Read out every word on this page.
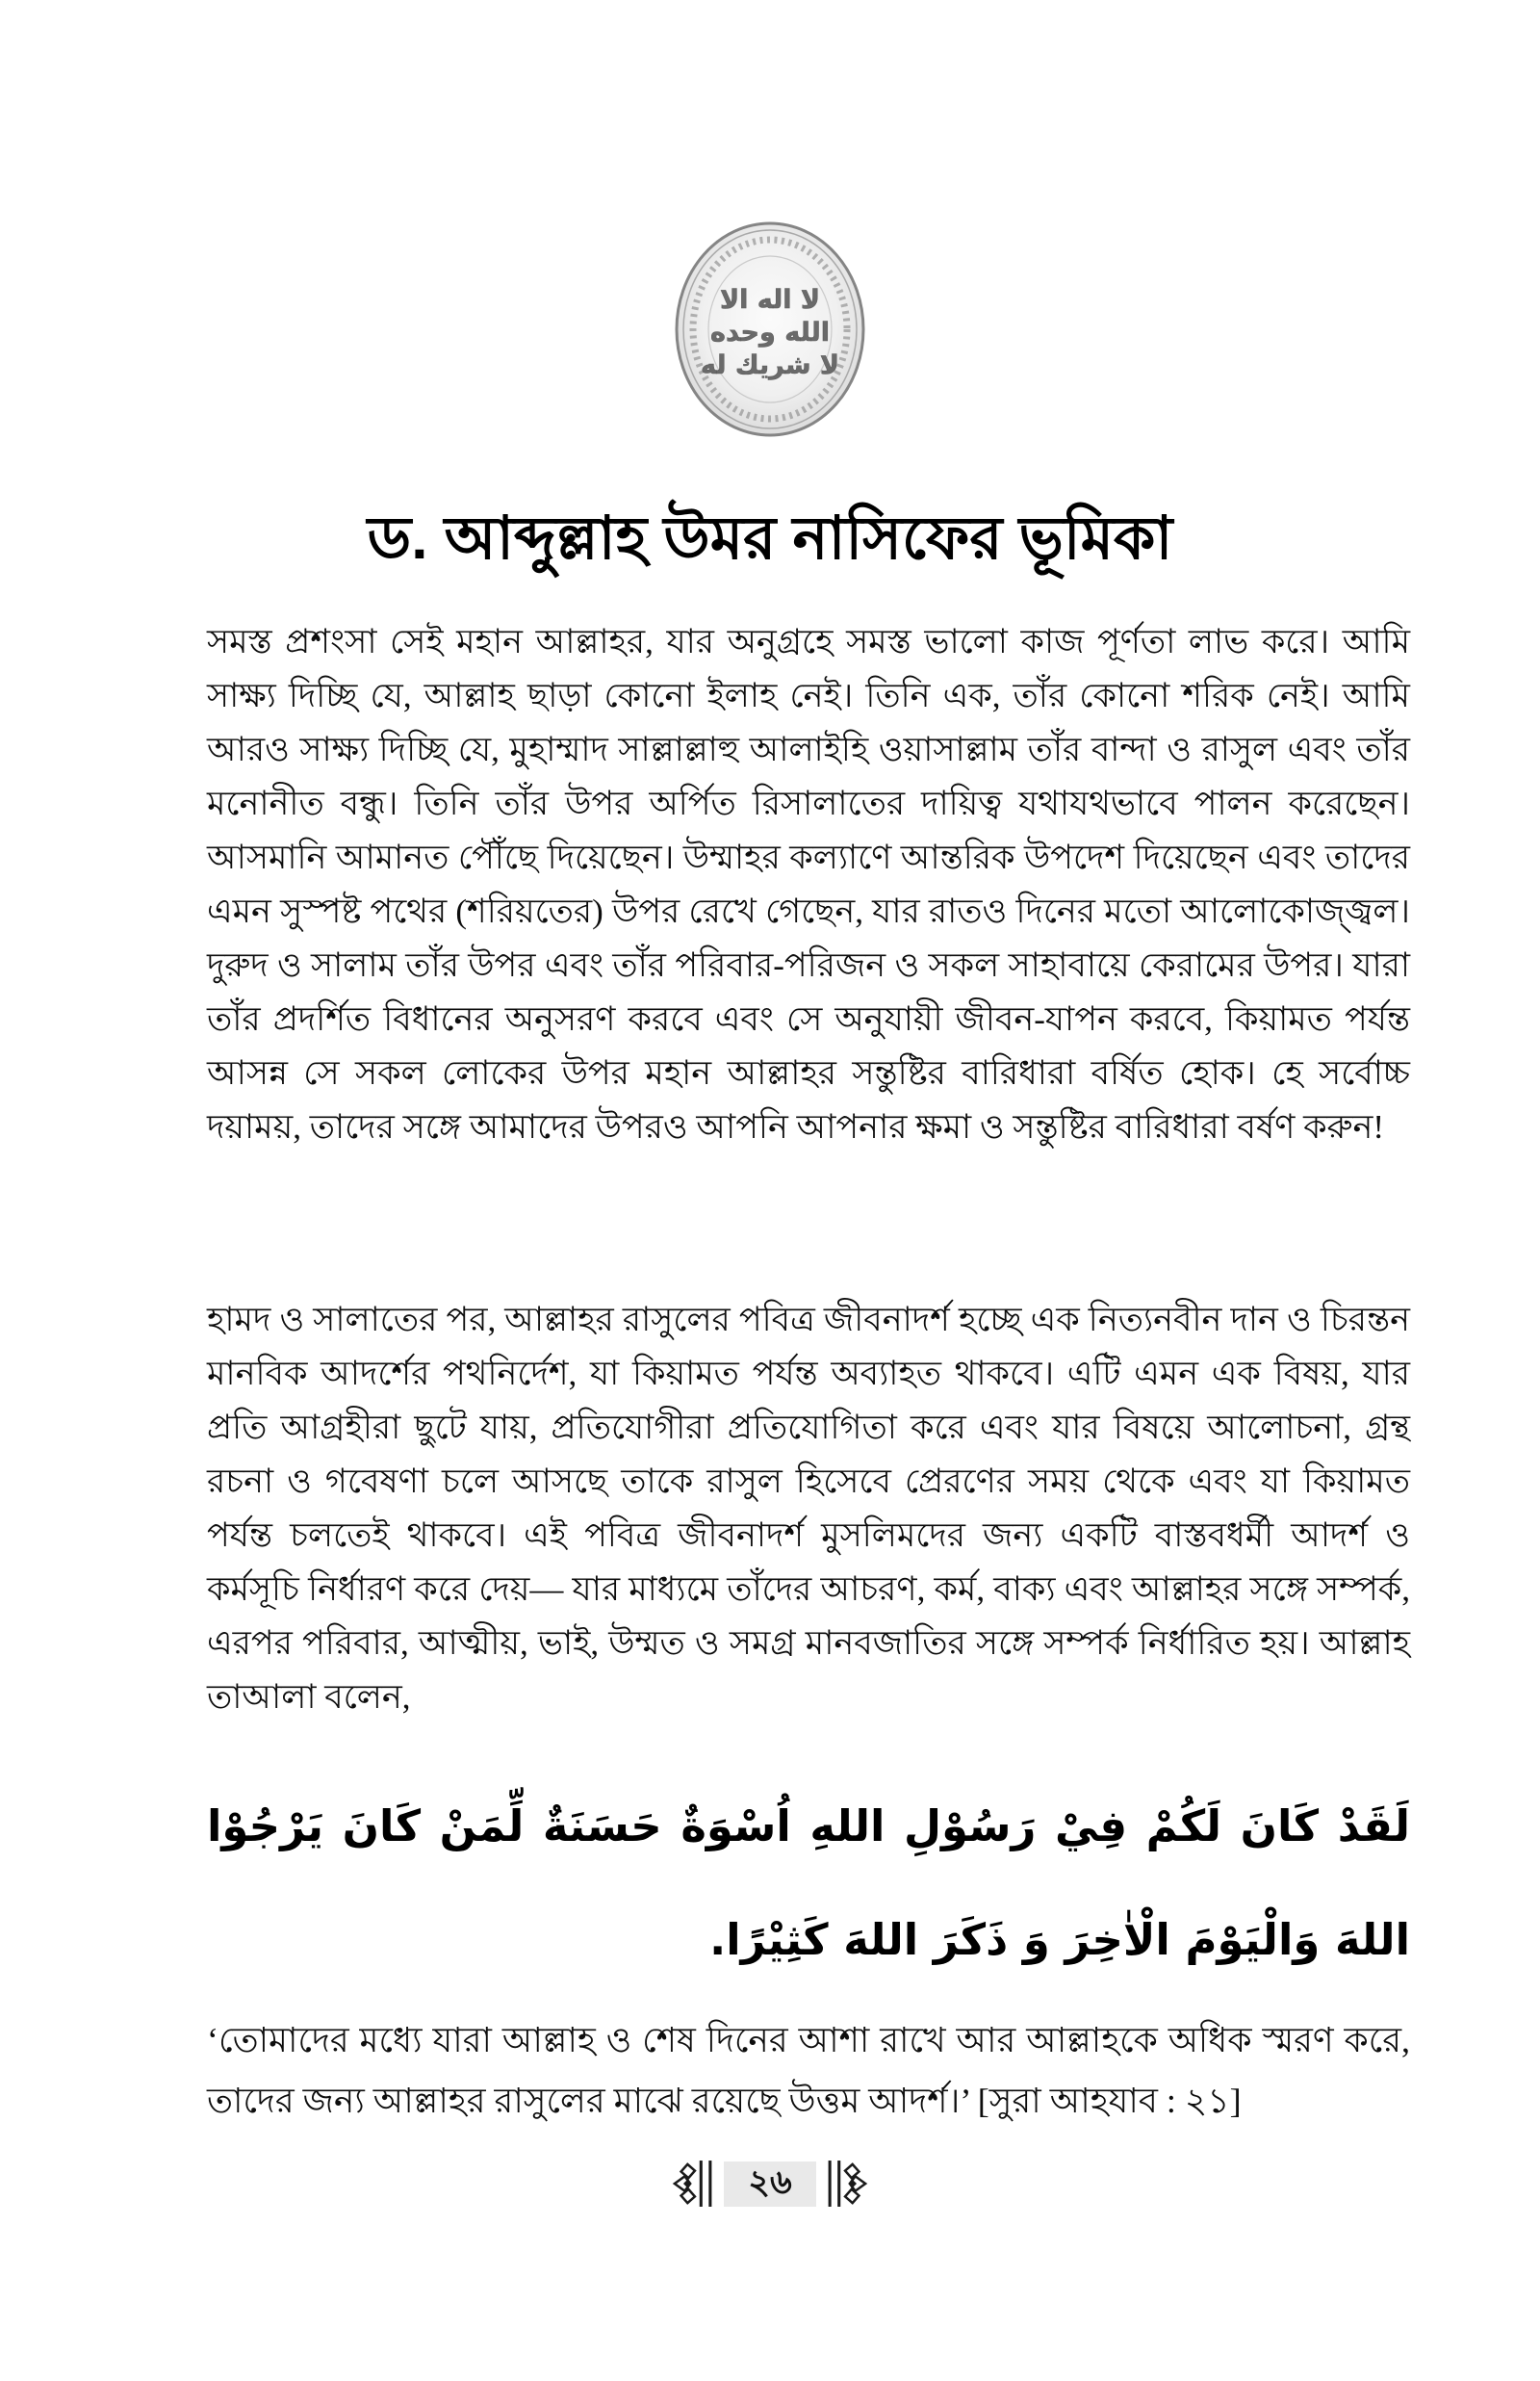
لا اله الا
الله وحده
لا شريك له
ড. আব্দুল্লাহ উমর নাসিফের ভূমিকা

সমস্ত প্রশংসা সেই মহান আল্লাহর, যার অনুগ্রহে সমস্ত ভালো কাজ পূর্ণতা লাভ করে। আমি সাক্ষ্য দিচ্ছি যে, আল্লাহ ছাড়া কোনো ইলাহ নেই। তিনি এক, তাঁর কোনো শরিক নেই। আমি আরও সাক্ষ্য দিচ্ছি যে, মুহাম্মাদ সাল্লাল্লাহু আলাইহি ওয়াসাল্লাম তাঁর বান্দা ও রাসুল এবং তাঁর মনোনীত বন্ধু। তিনি তাঁর উপর অর্পিত রিসালাতের দায়িত্ব যথাযথভাবে পালন করেছেন। আসমানি আমানত পৌঁছে দিয়েছেন। উম্মাহর কল্যাণে আন্তরিক উপদেশ দিয়েছেন এবং তাদের এমন সুস্পষ্ট পথের (শরিয়তের) উপর রেখে গেছেন, যার রাতও দিনের মতো আলোকোজ্জ্বল। দুরুদ ও সালাম তাঁর উপর এবং তাঁর পরিবার-পরিজন ও সকল সাহাবায়ে কেরামের উপর। যারা তাঁর প্রদর্শিত বিধানের অনুসরণ করবে এবং সে অনুযায়ী জীবন-যাপন করবে, কিয়ামত পর্যন্ত আসন্ন সে সকল লোকের উপর মহান আল্লাহর সন্তুষ্টির বারিধারা বর্ষিত হোক। হে সর্বোচ্চ দয়াময়, তাদের সঙ্গে আমাদের উপরও আপনি আপনার ক্ষমা ও সন্তুষ্টির বারিধারা বর্ষণ করুন!

হামদ ও সালাতের পর, আল্লাহর রাসুলের পবিত্র জীবনাদর্শ হচ্ছে এক নিত্যনবীন দান ও চিরন্তন মানবিক আদর্শের পথনির্দেশ, যা কিয়ামত পর্যন্ত অব্যাহত থাকবে। এটি এমন এক বিষয়, যার প্রতি আগ্রহীরা ছুটে যায়, প্রতিযোগীরা প্রতিযোগিতা করে এবং যার বিষয়ে আলোচনা, গ্রন্থ রচনা ও গবেষণা চলে আসছে তাকে রাসুল হিসেবে প্রেরণের সময় থেকে এবং যা কিয়ামত পর্যন্ত চলতেই থাকবে। এই পবিত্র জীবনাদর্শ মুসলিমদের জন্য একটি বাস্তবধর্মী আদর্শ ও কর্মসূচি নির্ধারণ করে দেয়— যার মাধ্যমে তাঁদের আচরণ, কর্ম, বাক্য এবং আল্লাহর সঙ্গে সম্পর্ক, এরপর পরিবার, আত্মীয়, ভাই, উম্মত ও সমগ্র মানবজাতির সঙ্গে সম্পর্ক নির্ধারিত হয়। আল্লাহ তাআলা বলেন,

لَقَدْ كَانَ لَكُمْ فِيْ رَسُوْلِ اللهِ اُسْوَةٌ حَسَنَةٌ لِّمَنْ كَانَ يَرْجُوْا اللهَ وَالْيَوْمَ الْاٰخِرَ وَ ذَكَرَ اللهَ كَثِيْرًا.

‘তোমাদের মধ্যে যারা আল্লাহ ও শেষ দিনের আশা রাখে আর আল্লাহকে অধিক স্মরণ করে, তাদের জন্য আল্লাহর রাসুলের মাঝে রয়েছে উত্তম আদর্শ।’ [সুরা আহযাব : ২১]

২৬
